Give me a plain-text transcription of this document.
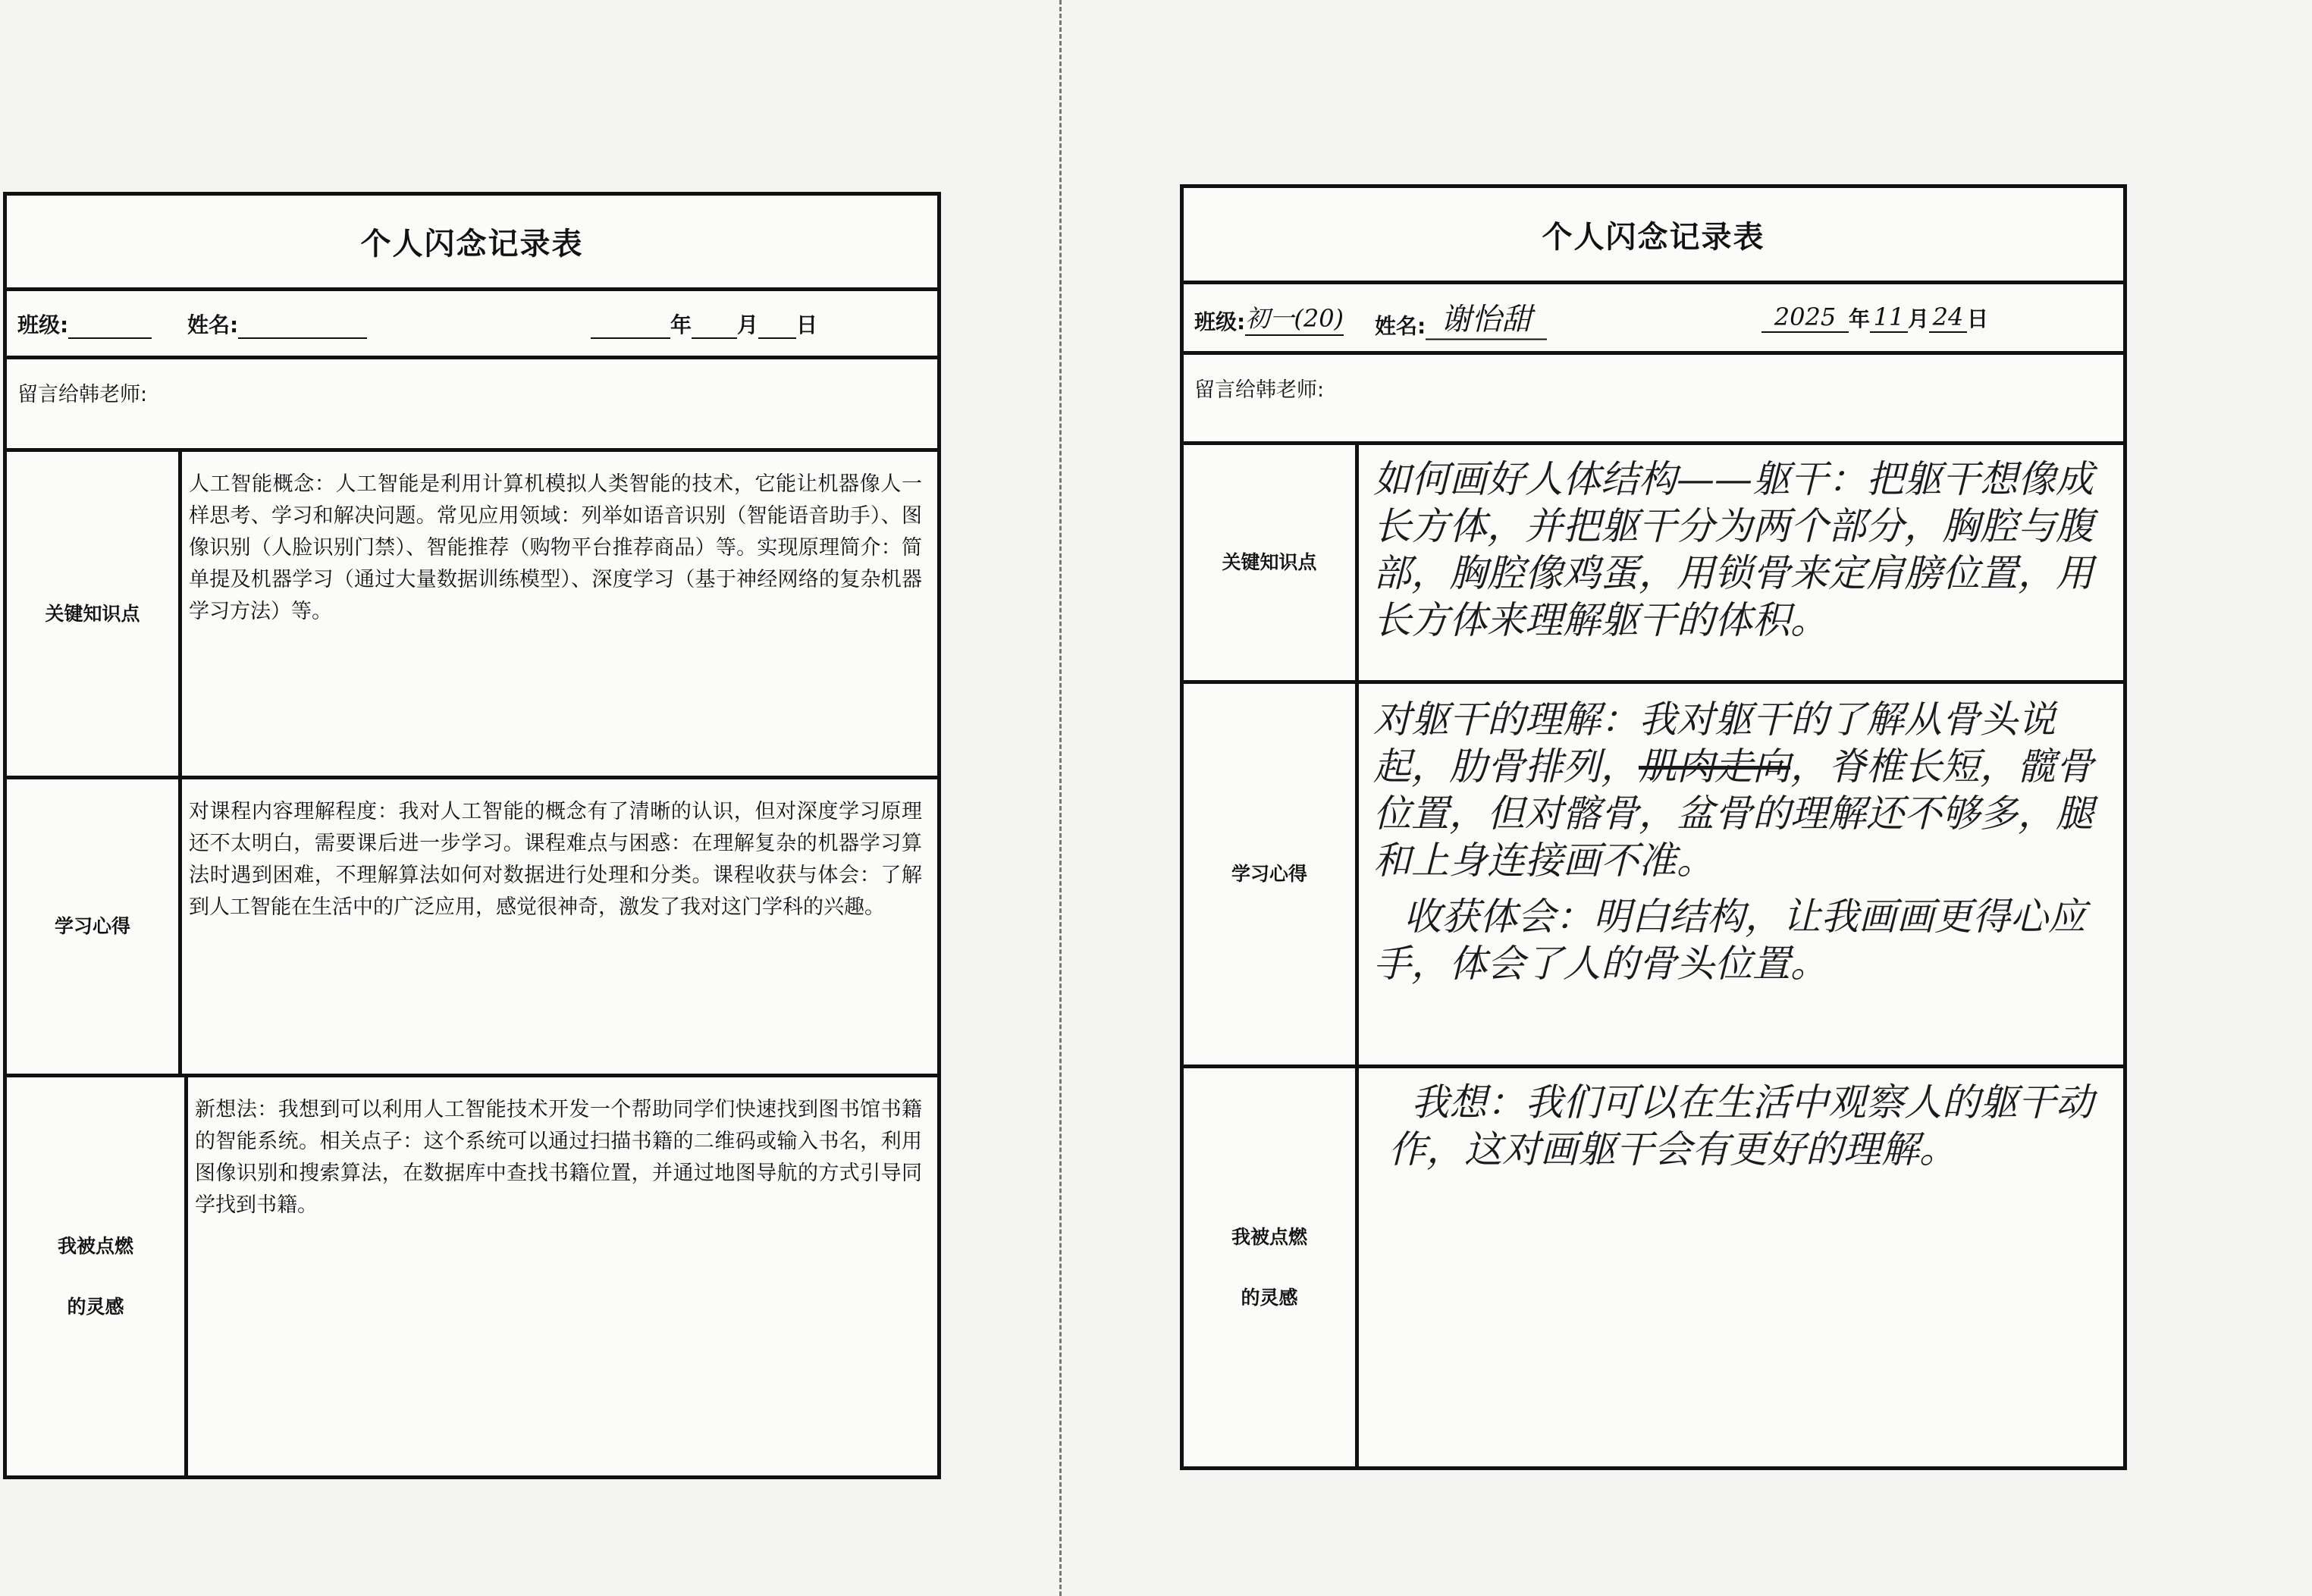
个人闪念记录表
班级:	姓名:	年 月 日
留言给韩老师:
关键知识点
人工智能概念：人工智能是利用计算机模拟人类智能的技术，它能让机器像人一样思考、学习和解决问题。常见应用领域：列举如语音识别（智能语音助手）、图像识别（人脸识别门禁）、智能推荐（购物平台推荐商品）等。实现原理简介：简单提及机器学习（通过大量数据训练模型）、深度学习（基于神经网络的复杂机器学习方法）等。
学习心得
对课程内容理解程度：我对人工智能的概念有了清晰的认识，但对深度学习原理还不太明白，需要课后进一步学习。课程难点与困惑：在理解复杂的机器学习算法时遇到困难，不理解算法如何对数据进行处理和分类。课程收获与体会：了解到人工智能在生活中的广泛应用，感觉很神奇，激发了我对这门学科的兴趣。
我被点燃
的灵感
新想法：我想到可以利用人工智能技术开发一个帮助同学们快速找到图书馆书籍的智能系统。相关点子：这个系统可以通过扫描书籍的二维码或输入书名，利用图像识别和搜索算法，在数据库中查找书籍位置，并通过地图导航的方式引导同学找到书籍。
个人闪念记录表
班级:初一(20) 姓名: 谢怡甜	2025 年 11 月 24 日
留言给韩老师:
关键知识点
如何画好人体结构——躯干：把躯干想像成长方体，并把躯干分为两个部分，胸腔与腹部，胸腔像鸡蛋，用锁骨来定肩膀位置，用长方体来理解躯干的体积。
学习心得
对躯干的理解：我对躯干的了解从骨头说起，肋骨排列，肌肉走向，脊椎长短，髋骨位置，但对髂骨，盆骨的理解还不够多，腿和上身连接画不准。
收获体会：明白结构，让我画画更得心应手，体会了人的骨头位置。
我被点燃
的灵感
我想：我们可以在生活中观察人的躯干动作，这对画躯干会有更好的理解。
